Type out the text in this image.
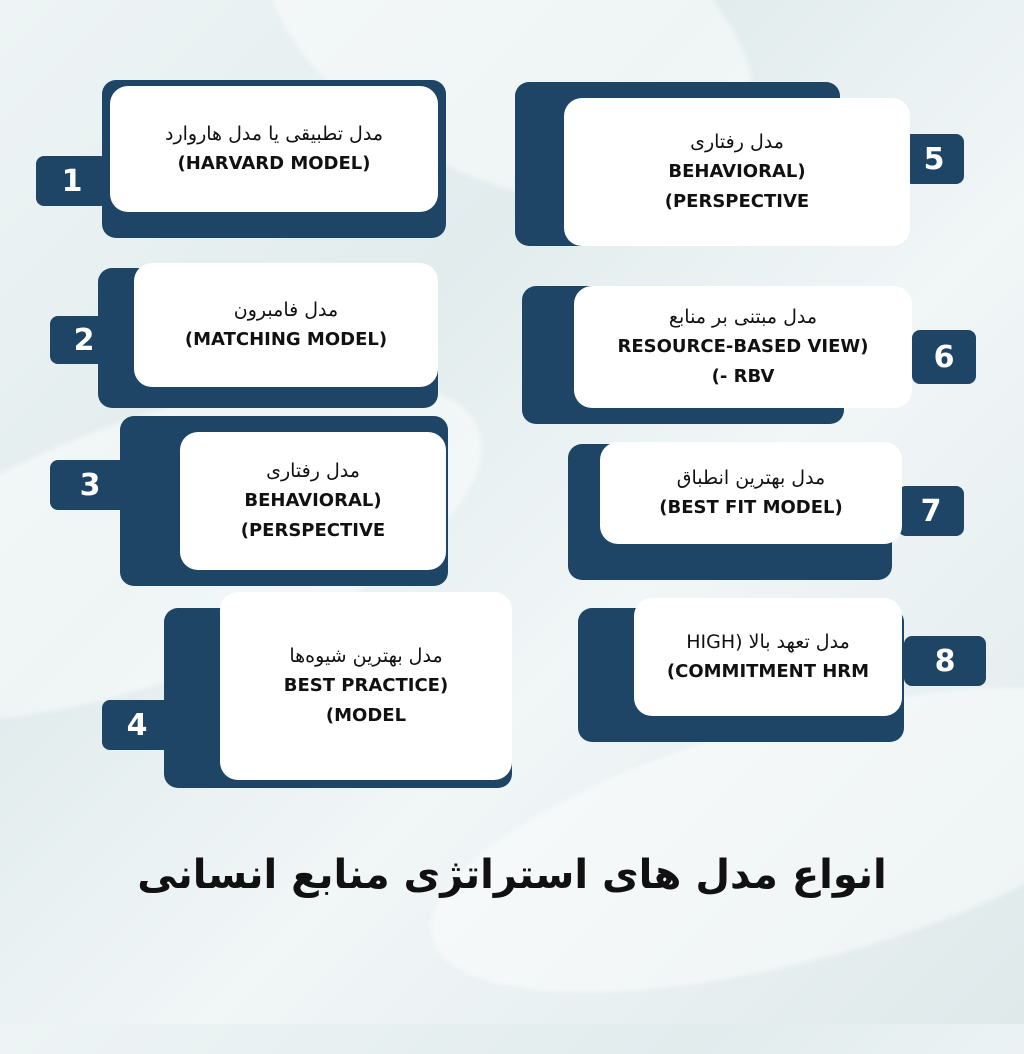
1
مدل تطبیقی یا مدل هاروارد
(HARVARD MODEL)
2
مدل فامبرون
(MATCHING MODEL)
3	مدل رفتاری
BEHAVIORAL)
(PERSPECTIVE
4
مدل بهترین شیوه‌ها
BEST PRACTICE)
(MODEL
5
مدل رفتاری
BEHAVIORAL)
(PERSPECTIVE
6
مدل مبتنی بر منابع
RESOURCE-BASED VIEW)
(- RBV
7
مدل بهترین انطباق
(BEST FIT MODEL)
8
مدل تعهد بالا (HIGH
(COMMITMENT HRM
انواع مدل های استراتژی منابع انسانی
